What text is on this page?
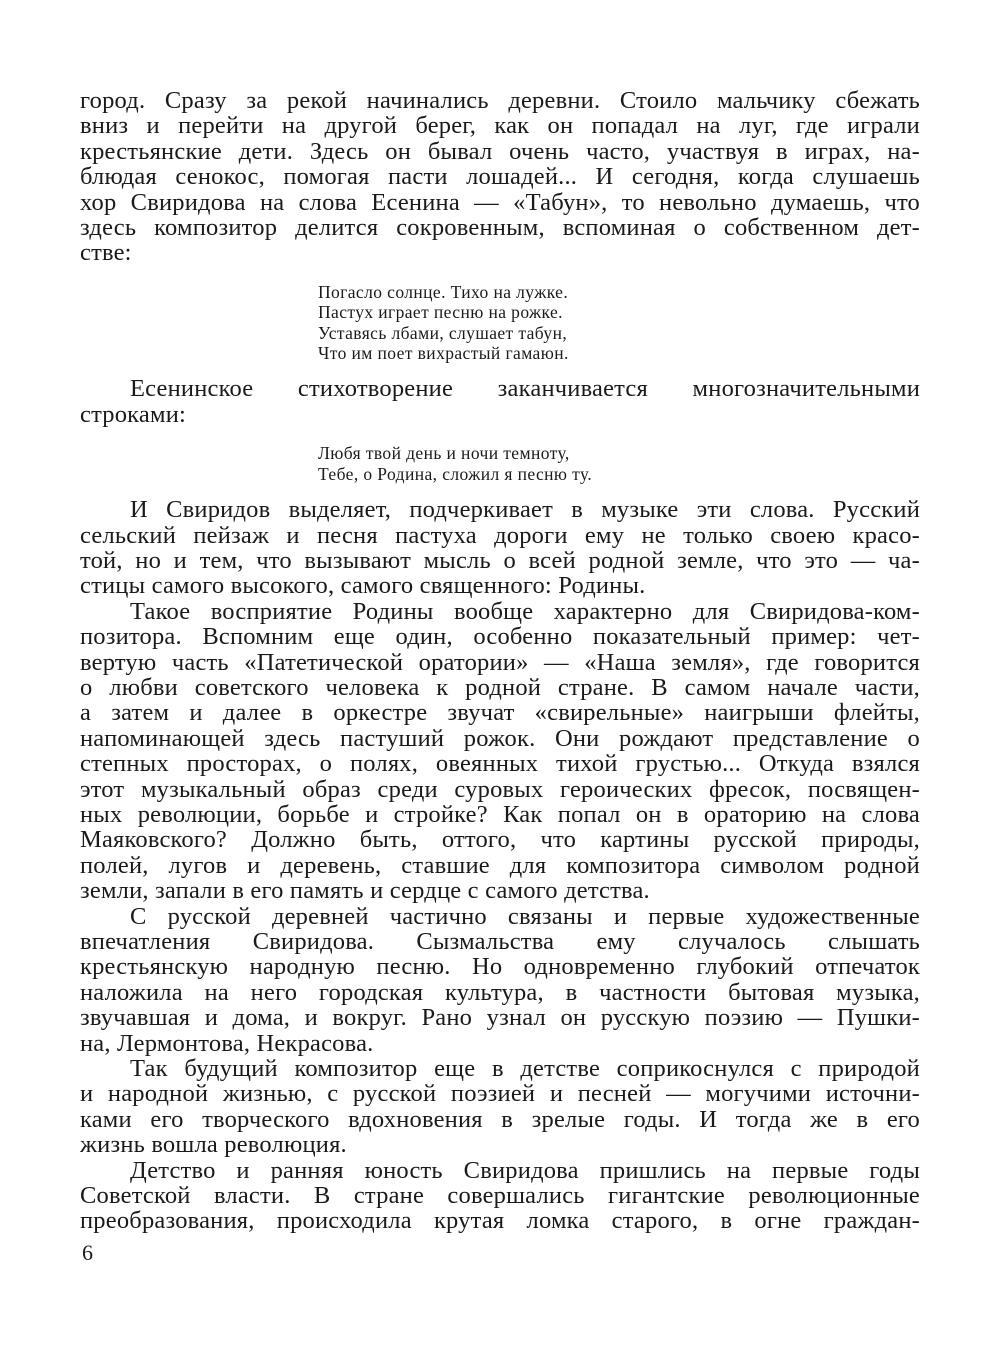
город. Сразу за рекой начинались деревни. Стоило мальчику сбежать
вниз и перейти на другой берег, как он попадал на луг, где играли
крестьянские дети. Здесь он бывал очень часто, участвуя в играх, на-
блюдая сенокос, помогая пасти лошадей... И сегодня, когда слушаешь
хор Свиридова на слова Есенина — «Табун», то невольно думаешь, что
здесь композитор делится сокровенным, вспоминая о собственном дет-
стве:
Погасло солнце. Тихо на лужке.
Пастух играет песню на рожке.
Уставясь лбами, слушает табун,
Что им поет вихрастый гамаюн.
Есенинское стихотворение заканчивается многозначительными
строками:
Любя твой день и ночи темноту,
Тебе, о Родина, сложил я песню ту.
И Свиридов выделяет, подчеркивает в музыке эти слова. Русский
сельский пейзаж и песня пастуха дороги ему не только своею красо-
той, но и тем, что вызывают мысль о всей родной земле, что это — ча-
стицы самого высокого, самого священного: Родины.
Такое восприятие Родины вообще характерно для Свиридова-ком-
позитора. Вспомним еще один, особенно показательный пример: чет-
вертую часть «Патетической оратории» — «Наша земля», где говорится
о любви советского человека к родной стране. В самом начале части,
а затем и далее в оркестре звучат «свирельные» наигрыши флейты,
напоминающей здесь пастуший рожок. Они рождают представление о
степных просторах, о полях, овеянных тихой грустью... Откуда взялся
этот музыкальный образ среди суровых героических фресок, посвящен-
ных революции, борьбе и стройке? Как попал он в ораторию на слова
Маяковского? Должно быть, оттого, что картины русской природы,
полей, лугов и деревень, ставшие для композитора символом родной
земли, запали в его память и сердце с самого детства.
С русской деревней частично связаны и первые художественные
впечатления Свиридова. Сызмальства ему случалось слышать
крестьянскую народную песню. Но одновременно глубокий отпечаток
наложила на него городская культура, в частности бытовая музыка,
звучавшая и дома, и вокруг. Рано узнал он русскую поэзию — Пушки-
на, Лермонтова, Некрасова.
Так будущий композитор еще в детстве соприкоснулся с природой
и народной жизнью, с русской поэзией и песней — могучими источни-
ками его творческого вдохновения в зрелые годы. И тогда же в его
жизнь вошла революция.
Детство и ранняя юность Свиридова пришлись на первые годы
Советской власти. В стране совершались гигантские революционные
преобразования, происходила крутая ломка старого, в огне граждан-
6
